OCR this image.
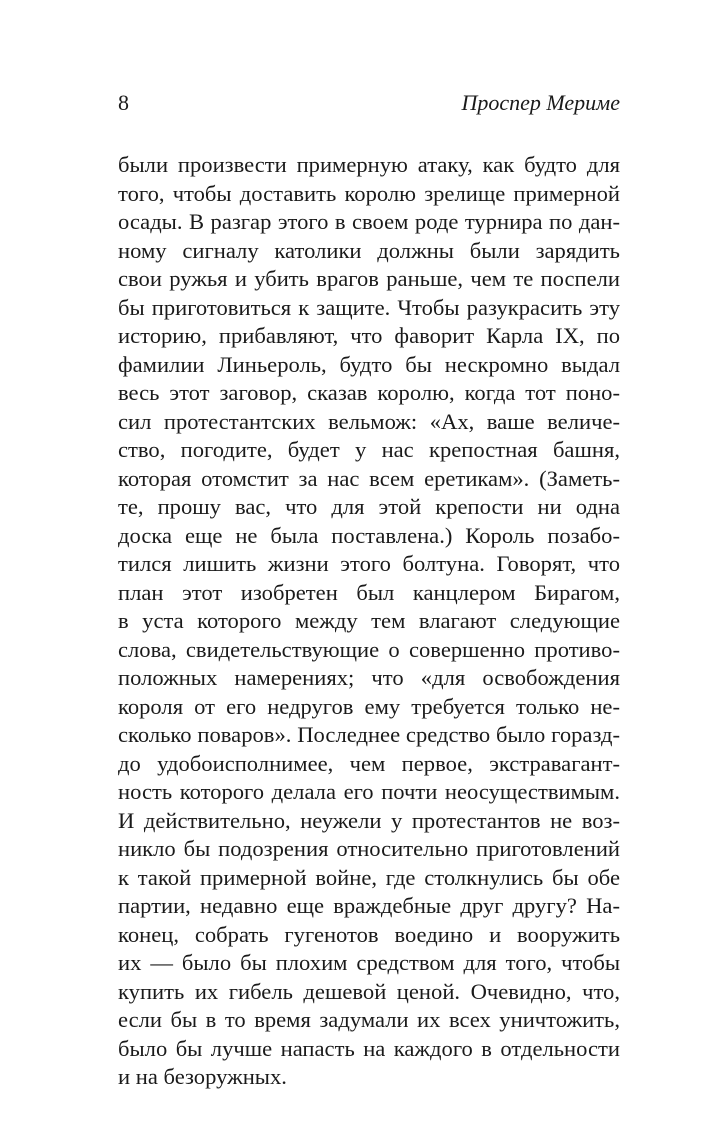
8	Проспер Мериме
были произвести примерную атаку, как будто для
того, чтобы доставить королю зрелище примерной
осады. В разгар этого в своем роде турнира по дан-
ному сигналу католики должны были зарядить
свои ружья и убить врагов раньше, чем те поспели
бы приготовиться к защите. Чтобы разукрасить эту
историю, прибавляют, что фаворит Карла IX, по
фамилии Линьероль, будто бы нескромно выдал
весь этот заговор, сказав королю, когда тот поно-
сил протестантских вельмож: «Ах, ваше величе-
ство, погодите, будет у нас крепостная башня,
которая отомстит за нас всем еретикам». (Заметь-
те, прошу вас, что для этой крепости ни одна
доска еще не была поставлена.) Король позабо-
тился лишить жизни этого болтуна. Говорят, что
план этот изобретен был канцлером Бирагом,
в уста которого между тем влагают следующие
слова, свидетельствующие о совершенно противо-
положных намерениях; что «для освобождения
короля от его недругов ему требуется только не-
сколько поваров». Последнее средство было горазд-
до удобоисполнимее, чем первое, экстравагант-
ность которого делала его почти неосуществимым.
И действительно, неужели у протестантов не воз-
никло бы подозрения относительно приготовлений
к такой примерной войне, где столкнулись бы обе
партии, недавно еще враждебные друг другу? На-
конец, собрать гугенотов воедино и вооружить
их — было бы плохим средством для того, чтобы
купить их гибель дешевой ценой. Очевидно, что,
если бы в то время задумали их всех уничтожить,
было бы лучше напасть на каждого в отдельности
и на безоружных.
